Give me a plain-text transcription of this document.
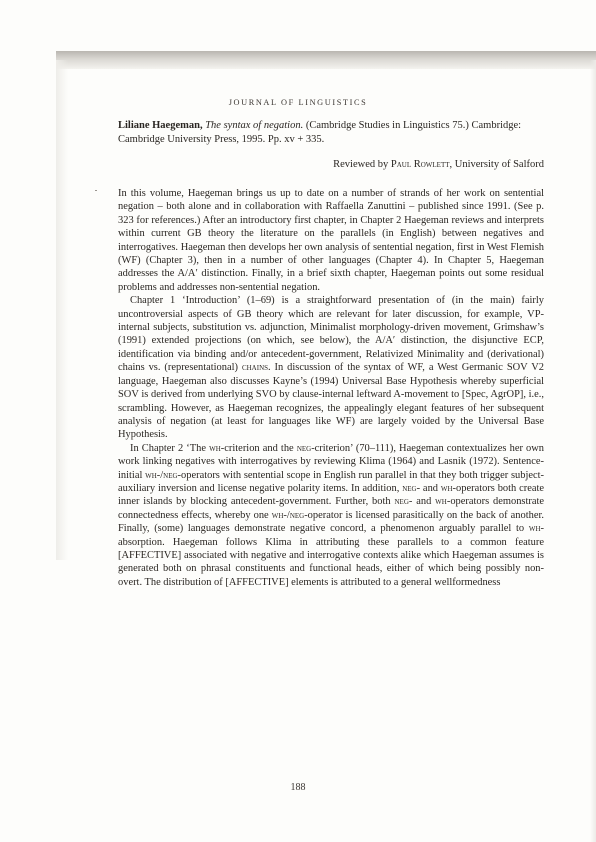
JOURNAL OF LINGUISTICS
Liliane Haegeman, The syntax of negation. (Cambridge Studies in Linguistics 75.) Cambridge: Cambridge University Press, 1995. Pp. xv + 335.
Reviewed by Paul Rowlett, University of Salford

In this volume, Haegeman brings us up to date on a number of strands of her work on sentential negation – both alone and in collaboration with Raffaella Zanuttini – published since 1991. (See p. 323 for references.) After an introductory first chapter, in Chapter 2 Haegeman reviews and interprets within current GB theory the literature on the parallels (in English) between negatives and interrogatives. Haegeman then develops her own analysis of sentential negation, first in West Flemish (WF) (Chapter 3), then in a number of other languages (Chapter 4). In Chapter 5, Haegeman addresses the A/A′ distinction. Finally, in a brief sixth chapter, Haegeman points out some residual problems and addresses non-sentential negation.

Chapter 1 ‘Introduction’ (1–69) is a straightforward presentation of (in the main) fairly uncontroversial aspects of GB theory which are relevant for later discussion, for example, VP-internal subjects, substitution vs. adjunction, Minimalist morphology-driven movement, Grimshaw’s (1991) extended projections (on which, see below), the A/A′ distinction, the disjunctive ECP, identification via binding and/or antecedent-government, Relativized Minimality and (derivational) chains vs. (representational) chains. In discussion of the syntax of WF, a West Germanic SOV V2 language, Haegeman also discusses Kayne’s (1994) Universal Base Hypothesis whereby superficial SOV is derived from underlying SVO by clause-internal leftward A-movement to [Spec, AgrOP], i.e., scrambling. However, as Haegeman recognizes, the appealingly elegant features of her subsequent analysis of negation (at least for languages like WF) are largely voided by the Universal Base Hypothesis.

In Chapter 2 ‘The wh-criterion and the neg-criterion’ (70–111), Haegeman contextualizes her own work linking negatives with interrogatives by reviewing Klima (1964) and Lasnik (1972). Sentence-initial wh-/neg-operators with sentential scope in English run parallel in that they both trigger subject-auxiliary inversion and license negative polarity items. In addition, neg- and wh-operators both create inner islands by blocking antecedent-government. Further, both neg- and wh-operators demonstrate connectedness effects, whereby one wh-/neg-operator is licensed parasitically on the back of another. Finally, (some) languages demonstrate negative concord, a phenomenon arguably parallel to wh-absorption. Haegeman follows Klima in attributing these parallels to a common feature [AFFECTIVE] associated with negative and interrogative contexts alike which Haegeman assumes is generated both on phrasal constituents and functional heads, either of which being possibly non-overt. The distribution of [AFFECTIVE] elements is attributed to a general wellformedness

188
